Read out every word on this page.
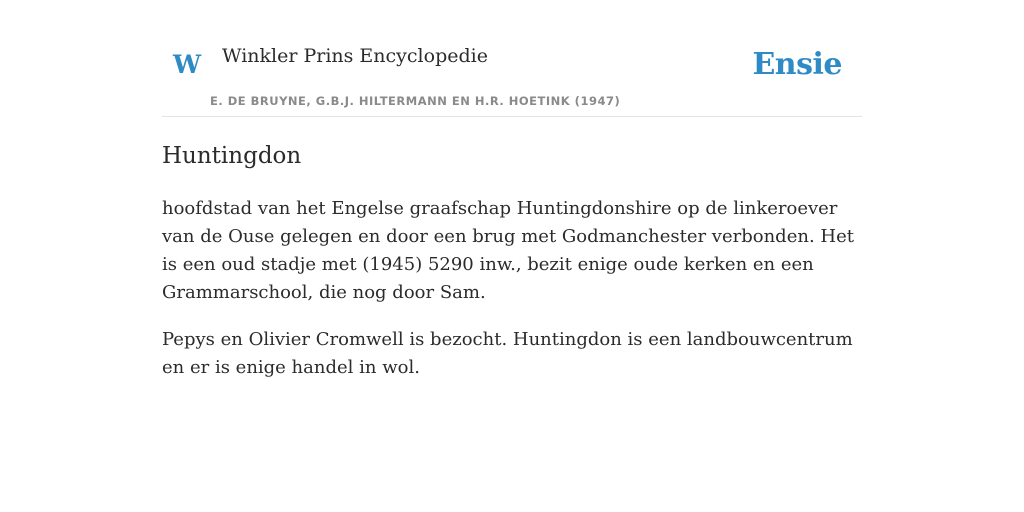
W Winkler Prins Encyclopedie
E. DE BRUYNE, G.B.J. HILTERMANN EN H.R. HOETINK (1947)
Ensie
Huntingdon

hoofdstad van het Engelse graafschap Huntingdonshire op de linkeroever van de Ouse gelegen en door een brug met Godmanchester verbonden. Het is een oud stadje met (1945) 5290 inw., bezit enige oude kerken en een Grammarschool, die nog door Sam.

Pepys en Olivier Cromwell is bezocht. Huntingdon is een landbouwcentrum en er is enige handel in wol.
